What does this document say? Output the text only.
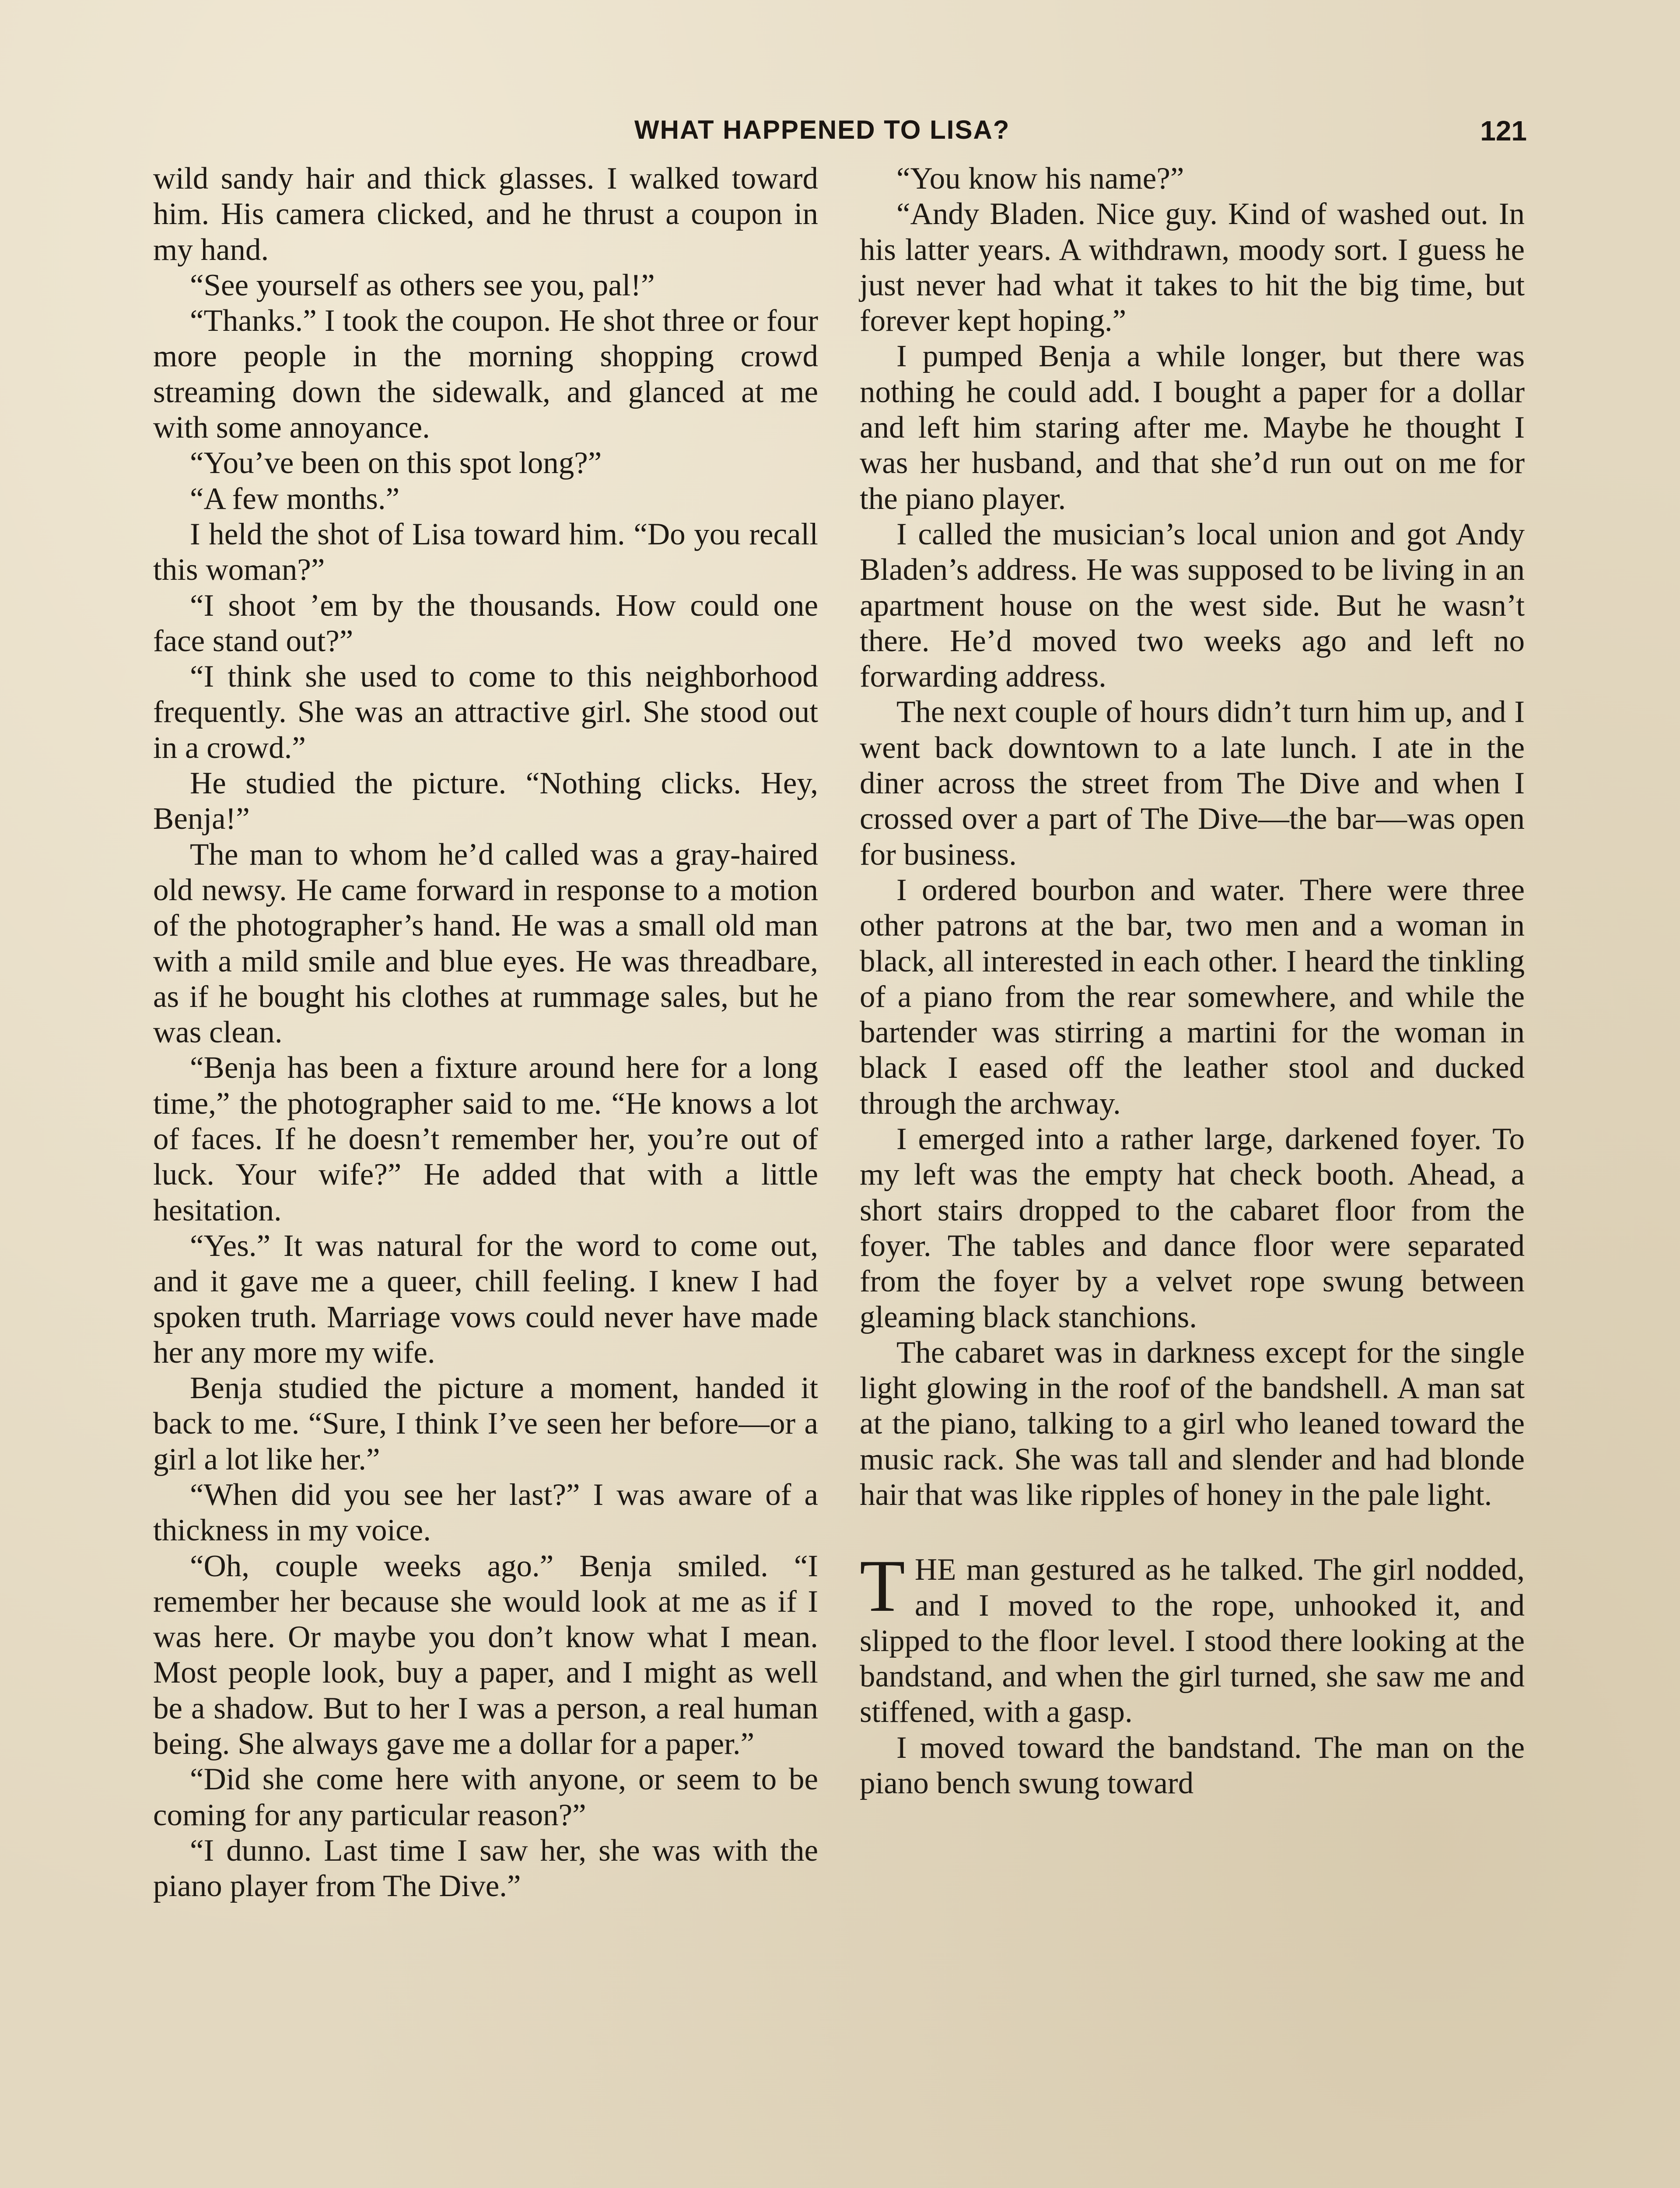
WHAT HAPPENED TO LISA?	121

wild sandy hair and thick glasses. I walked toward him. His camera clicked, and he thrust a coupon in my hand.

“See yourself as others see you, pal!”

“Thanks.” I took the coupon. He shot three or four more people in the morning shopping crowd streaming down the sidewalk, and glanced at me with some annoyance.

“You’ve been on this spot long?”

“A few months.”

I held the shot of Lisa toward him. “Do you recall this woman?”

“I shoot ’em by the thousands. How could one face stand out?”

“I think she used to come to this neighborhood frequently. She was an attractive girl. She stood out in a crowd.”

He studied the picture. “Nothing clicks. Hey, Benja!”

The man to whom he’d called was a gray-haired old newsy. He came forward in response to a motion of the photographer’s hand. He was a small old man with a mild smile and blue eyes. He was threadbare, as if he bought his clothes at rummage sales, but he was clean.

“Benja has been a fixture around here for a long time,” the photographer said to me. “He knows a lot of faces. If he doesn’t remember her, you’re out of luck. Your wife?” He added that with a little hesitation.

“Yes.” It was natural for the word to come out, and it gave me a queer, chill feeling. I knew I had spoken truth. Marriage vows could never have made her any more my wife.

Benja studied the picture a moment, handed it back to me. “Sure, I think I’ve seen her before—or a girl a lot like her.”

“When did you see her last?” I was aware of a thickness in my voice.

“Oh, couple weeks ago.” Benja smiled. “I remember her because she would look at me as if I was here. Or maybe you don’t know what I mean. Most people look, buy a paper, and I might as well be a shadow. But to her I was a person, a real human being. She always gave me a dollar for a paper.”

“Did she come here with anyone, or seem to be coming for any particular reason?”

“I dunno. Last time I saw her, she was with the piano player from The Dive.”

“You know his name?”

“Andy Bladen. Nice guy. Kind of washed out. In his latter years. A withdrawn, moody sort. I guess he just never had what it takes to hit the big time, but forever kept hoping.”

I pumped Benja a while longer, but there was nothing he could add. I bought a paper for a dollar and left him staring after me. Maybe he thought I was her husband, and that she’d run out on me for the piano player.

I called the musician’s local union and got Andy Bladen’s address. He was supposed to be living in an apartment house on the west side. But he wasn’t there. He’d moved two weeks ago and left no forwarding address.

The next couple of hours didn’t turn him up, and I went back downtown to a late lunch. I ate in the diner across the street from The Dive and when I crossed over a part of The Dive—the bar—was open for business.

I ordered bourbon and water. There were three other patrons at the bar, two men and a woman in black, all interested in each other. I heard the tinkling of a piano from the rear somewhere, and while the bartender was stirring a martini for the woman in black I eased off the leather stool and ducked through the archway.

I emerged into a rather large, darkened foyer. To my left was the empty hat check booth. Ahead, a short stairs dropped to the cabaret floor from the foyer. The tables and dance floor were separated from the foyer by a velvet rope swung between gleaming black stanchions.

The cabaret was in darkness except for the single light glowing in the roof of the bandshell. A man sat at the piano, talking to a girl who leaned toward the music rack. She was tall and slender and had blonde hair that was like ripples of honey in the pale light.

THE man gestured as he talked. The girl nodded, and I moved to the rope, unhooked it, and slipped to the floor level. I stood there looking at the bandstand, and when the girl turned, she saw me and stiffened, with a gasp.

I moved toward the bandstand. The man on the piano bench swung toward
